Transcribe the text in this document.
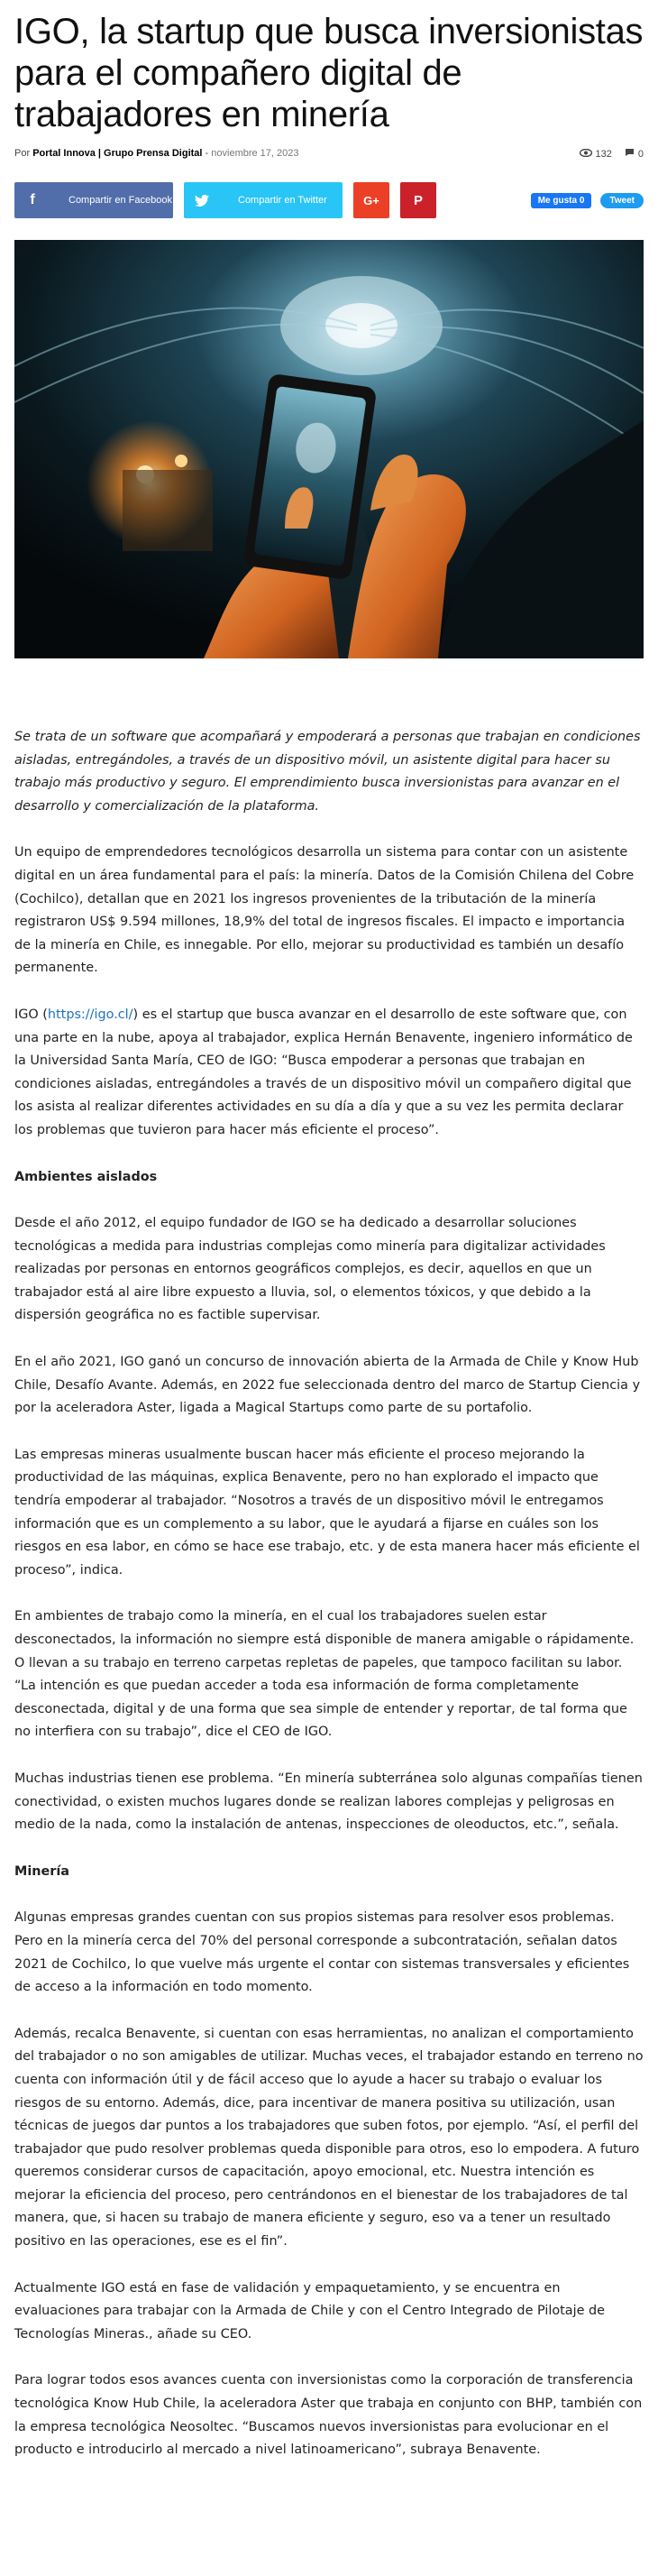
IGO, la startup que busca inversionistas para el compañero digital de trabajadores en minería
Por Portal Innova | Grupo Prensa Digital - noviembre 17, 2023	132	0
f	Compartir en Facebook	Compartir en Twitter	G+	P	Me gusta 0	Tweet

Se trata de un software que acompañará y empoderará a personas que trabajan en condiciones aisladas, entregándoles, a través de un dispositivo móvil, un asistente digital para hacer su trabajo más productivo y seguro. El emprendimiento busca inversionistas para avanzar en el desarrollo y comercialización de la plataforma.

Un equipo de emprendedores tecnológicos desarrolla un sistema para contar con un asistente digital en un área fundamental para el país: la minería. Datos de la Comisión Chilena del Cobre (Cochilco), detallan que en 2021 los ingresos provenientes de la tributación de la minería registraron US$ 9.594 millones, 18,9% del total de ingresos fiscales. El impacto e importancia de la minería en Chile, es innegable. Por ello, mejorar su productividad es también un desafío permanente.

IGO (https://igo.cl/) es el startup que busca avanzar en el desarrollo de este software que, con una parte en la nube, apoya al trabajador, explica Hernán Benavente, ingeniero informático de la Universidad Santa María, CEO de IGO: “Busca empoderar a personas que trabajan en condiciones aisladas, entregándoles a través de un dispositivo móvil un compañero digital que los asista al realizar diferentes actividades en su día a día y que a su vez les permita declarar los problemas que tuvieron para hacer más eficiente el proceso”.

Ambientes aislados

Desde el año 2012, el equipo fundador de IGO se ha dedicado a desarrollar soluciones tecnológicas a medida para industrias complejas como minería para digitalizar actividades realizadas por personas en entornos geográficos complejos, es decir, aquellos en que un trabajador está al aire libre expuesto a lluvia, sol, o elementos tóxicos, y que debido a la dispersión geográfica no es factible supervisar.

En el año 2021, IGO ganó un concurso de innovación abierta de la Armada de Chile y Know Hub Chile, Desafío Avante. Además, en 2022 fue seleccionada dentro del marco de Startup Ciencia y por la aceleradora Aster, ligada a Magical Startups como parte de su portafolio.

Las empresas mineras usualmente buscan hacer más eficiente el proceso mejorando la productividad de las máquinas, explica Benavente, pero no han explorado el impacto que tendría empoderar al trabajador. “Nosotros a través de un dispositivo móvil le entregamos información que es un complemento a su labor, que le ayudará a fijarse en cuáles son los riesgos en esa labor, en cómo se hace ese trabajo, etc. y de esta manera hacer más eficiente el proceso”, indica.

En ambientes de trabajo como la minería, en el cual los trabajadores suelen estar desconectados, la información no siempre está disponible de manera amigable o rápidamente. O llevan a su trabajo en terreno carpetas repletas de papeles, que tampoco facilitan su labor. “La intención es que puedan acceder a toda esa información de forma completamente desconectada, digital y de una forma que sea simple de entender y reportar, de tal forma que no interfiera con su trabajo”, dice el CEO de IGO.

Muchas industrias tienen ese problema. “En minería subterránea solo algunas compañías tienen conectividad, o existen muchos lugares donde se realizan labores complejas y peligrosas en medio de la nada, como la instalación de antenas, inspecciones de oleoductos, etc.”, señala.

Minería

Algunas empresas grandes cuentan con sus propios sistemas para resolver esos problemas. Pero en la minería cerca del 70% del personal corresponde a subcontratación, señalan datos 2021 de Cochilco, lo que vuelve más urgente el contar con sistemas transversales y eficientes de acceso a la información en todo momento.

Además, recalca Benavente, si cuentan con esas herramientas, no analizan el comportamiento del trabajador o no son amigables de utilizar. Muchas veces, el trabajador estando en terreno no cuenta con información útil y de fácil acceso que lo ayude a hacer su trabajo o evaluar los riesgos de su entorno. Además, dice, para incentivar de manera positiva su utilización, usan técnicas de juegos dar puntos a los trabajadores que suben fotos, por ejemplo. “Así, el perfil del trabajador que pudo resolver problemas queda disponible para otros, eso lo empodera. A futuro queremos considerar cursos de capacitación, apoyo emocional, etc. Nuestra intención es mejorar la eficiencia del proceso, pero centrándonos en el bienestar de los trabajadores de tal manera, que, si hacen su trabajo de manera eficiente y seguro, eso va a tener un resultado positivo en las operaciones, ese es el fin”.

Actualmente IGO está en fase de validación y empaquetamiento, y se encuentra en evaluaciones para trabajar con la Armada de Chile y con el Centro Integrado de Pilotaje de Tecnologías Mineras., añade su CEO.

Para lograr todos esos avances cuenta con inversionistas como la corporación de transferencia tecnológica Know Hub Chile, la aceleradora Aster que trabaja en conjunto con BHP, también con la empresa tecnológica Neosoltec. “Buscamos nuevos inversionistas para evolucionar en el producto e introducirlo al mercado a nivel latinoamericano”, subraya Benavente.
